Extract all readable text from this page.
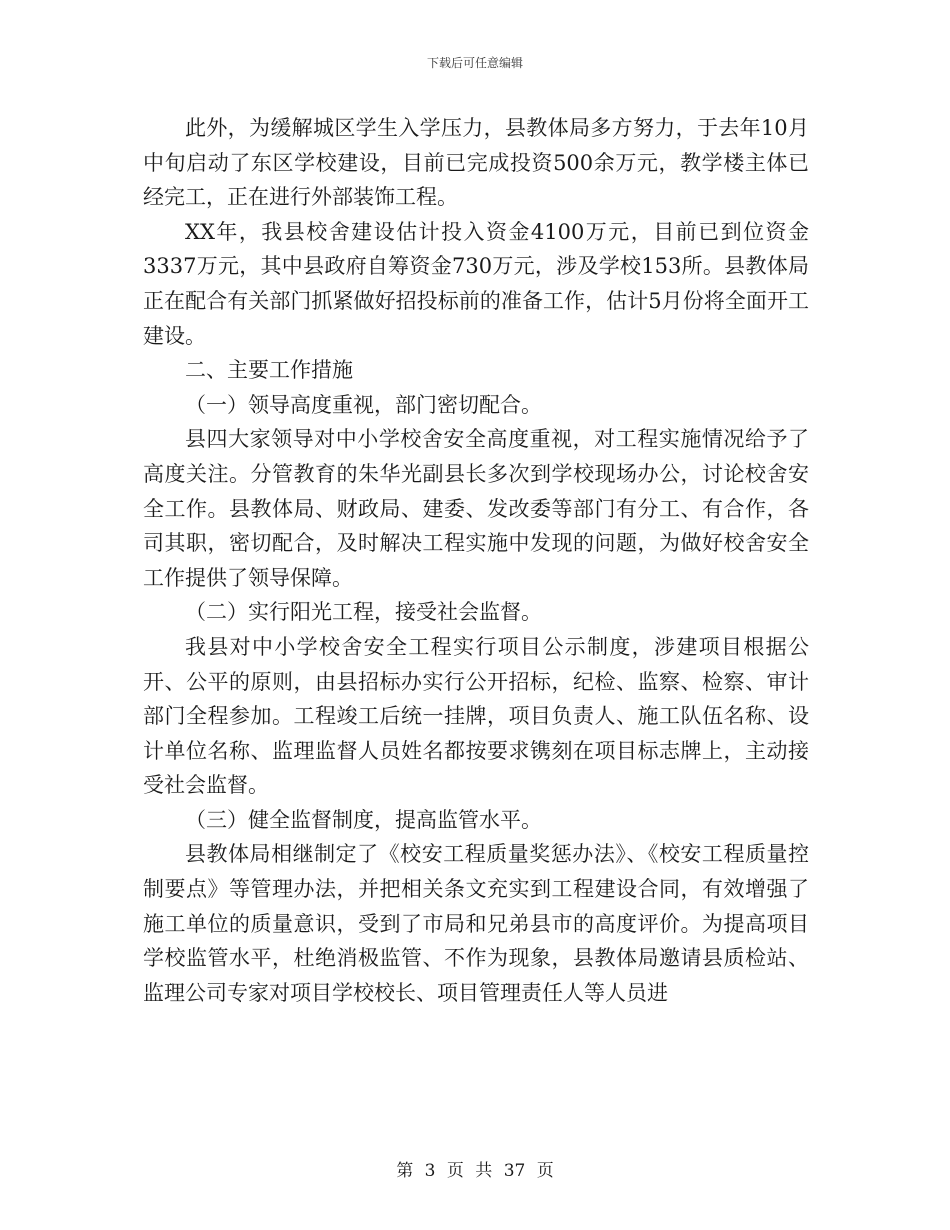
下载后可任意编辑

此外，为缓解城区学生入学压力，县教体局多方努力，于去年10月中旬启动了东区学校建设，目前已完成投资500余万元，教学楼主体已经完工，正在进行外部装饰工程。

XX年，我县校舍建设估计投入资金4100万元，目前已到位资金3337万元，其中县政府自筹资金730万元，涉及学校153所。县教体局正在配合有关部门抓紧做好招投标前的准备工作，估计5月份将全面开工建设。

二、主要工作措施

（一）领导高度重视，部门密切配合。

县四大家领导对中小学校舍安全高度重视，对工程实施情况给予了高度关注。分管教育的朱华光副县长多次到学校现场办公，讨论校舍安全工作。县教体局、财政局、建委、发改委等部门有分工、有合作，各司其职，密切配合，及时解决工程实施中发现的问题，为做好校舍安全工作提供了领导保障。

（二）实行阳光工程，接受社会监督。

我县对中小学校舍安全工程实行项目公示制度，涉建项目根据公开、公平的原则，由县招标办实行公开招标，纪检、监察、检察、审计部门全程参加。工程竣工后统一挂牌，项目负责人、施工队伍名称、设计单位名称、监理监督人员姓名都按要求镌刻在项目标志牌上，主动接受社会监督。

（三）健全监督制度，提高监管水平。

县教体局相继制定了《校安工程质量奖惩办法》、《校安工程质量控制要点》等管理办法，并把相关条文充实到工程建设合同，有效增强了施工单位的质量意识，受到了市局和兄弟县市的高度评价。为提高项目学校监管水平，杜绝消极监管、不作为现象，县教体局邀请县质检站、监理公司专家对项目学校校长、项目管理责任人等人员进

第 3 页 共 37 页
